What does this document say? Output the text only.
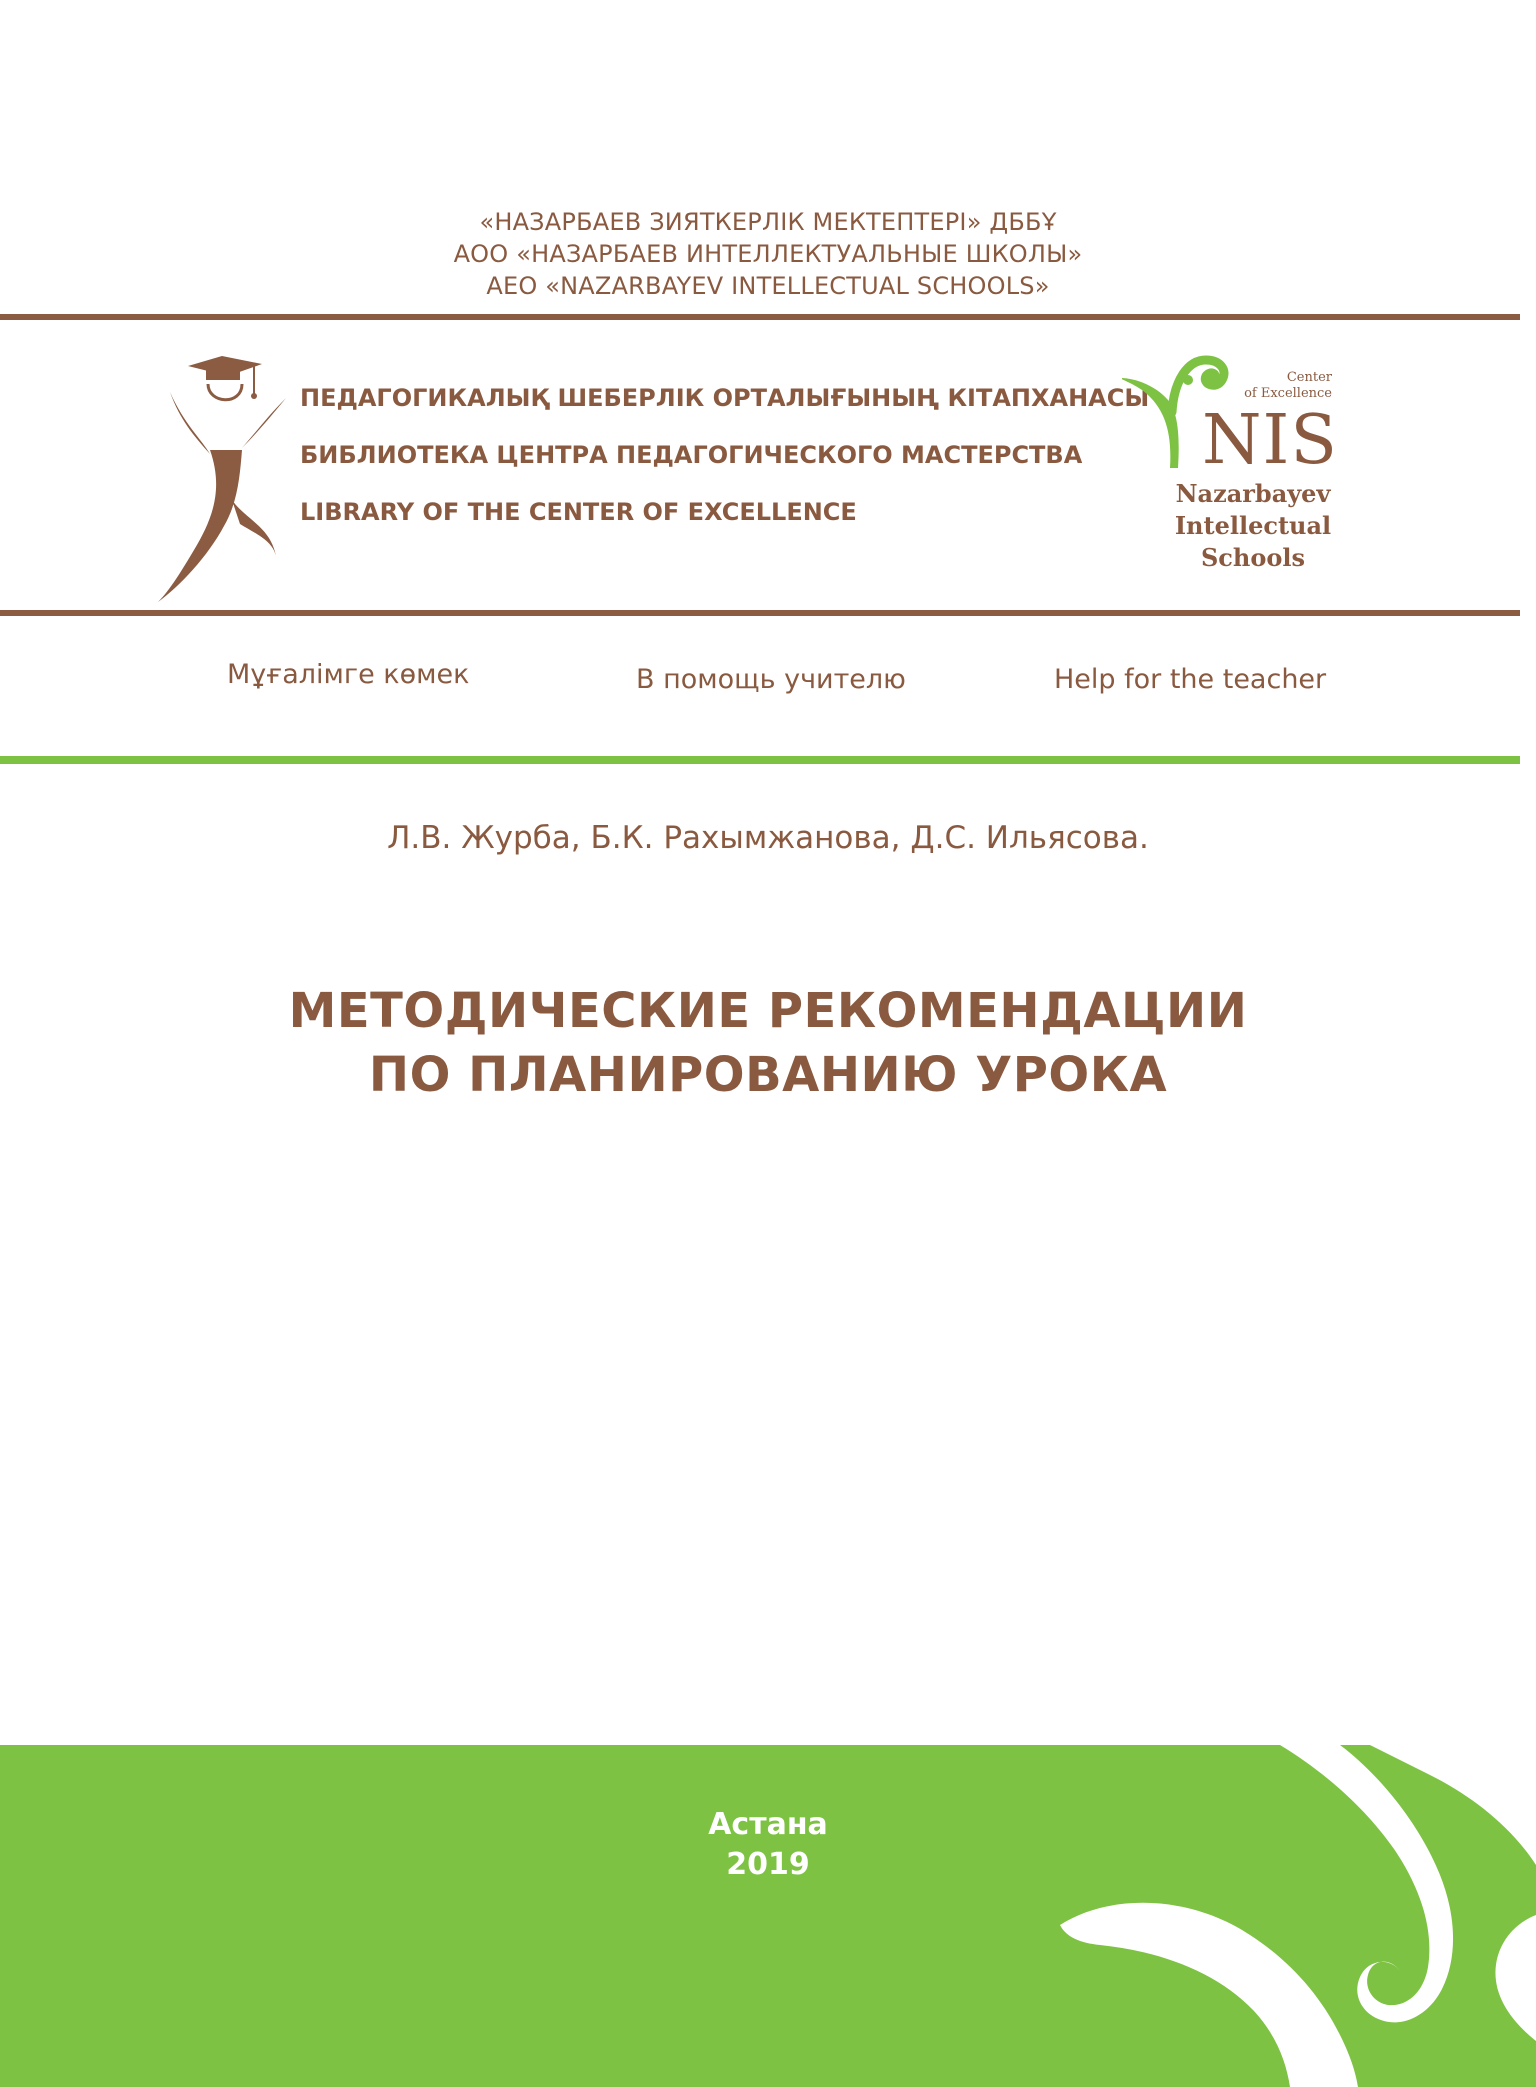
«НАЗАРБАЕВ ЗИЯТКЕРЛІК МЕКТЕПТЕРІ» ДББҰ
АОО «НАЗАРБАЕВ ИНТЕЛЛЕКТУАЛЬНЫЕ ШКОЛЫ»
АЕО «NAZARBAYEV INTELLECTUAL SCHOOLS»
ПЕДАГОГИКАЛЫҚ ШЕБЕРЛІК ОРТАЛЫҒЫНЫҢ КІТАПХАНАСЫ
БИБЛИОТЕКА ЦЕНТРА ПЕДАГОГИЧЕСКОГО МАСТЕРСТВА
LIBRARY OF THE CENTER OF EXCELLENCE
Center
of Excellence
NIS
Nazarbayev
Intellectual
Schools
Мұғалімге көмек	В помощь учителю	Help for the teacher
Л.В. Журба, Б.К. Рахымжанова, Д.С. Ильясова.
МЕТОДИЧЕСКИЕ РЕКОМЕНДАЦИИ
ПО ПЛАНИРОВАНИЮ УРОКА
Астана
2019
